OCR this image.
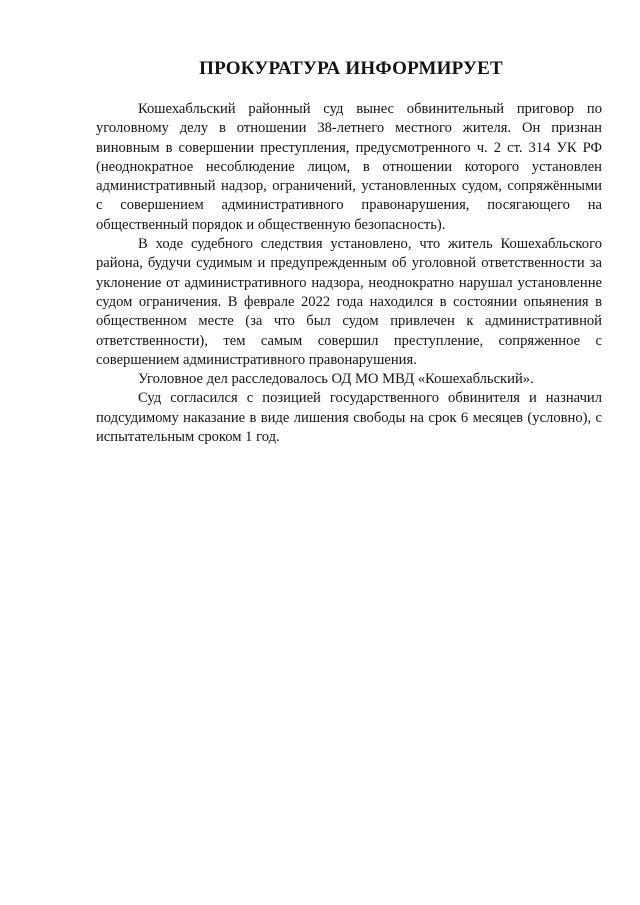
ПРОКУРАТУРА ИНФОРМИРУЕТ

Кошехабльский районный суд вынес обвинительный приговор по уголовному делу в отношении 38-летнего местного жителя. Он признан виновным в совершении преступления, предусмотренного ч. 2 ст. 314 УК РФ (неоднократное несоблюдение лицом, в отношении которого установлен административный надзор, ограничений, установленных судом, сопряжёнными с совершением административного правонарушения, посягающего на общественный порядок и общественную безопасность).

В ходе судебного следствия установлено, что житель Кошехабльского района, будучи судимым и предупрежденным об уголовной ответственности за уклонение от административного надзора, неоднократно нарушал установленне судом ограничения. В феврале 2022 года находился в состоянии опьянения в общественном месте (за что был судом привлечен к административной ответственности), тем самым совершил преступление, сопряженное с совершением административного правонарушения.

Уголовное дел расследовалось ОД МО МВД «Кошехабльский».

Суд согласился с позицией государственного обвинителя и назначил подсудимому наказание в виде лишения свободы на срок 6 месяцев (условно), с испытательным сроком 1 год.
